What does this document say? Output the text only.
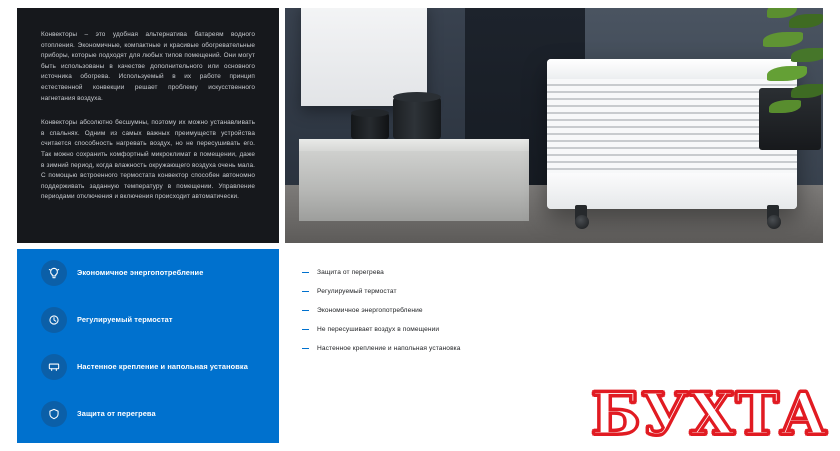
Конвекторы – это удобная альтернатива батареям водного отопления. Экономичные, компактные и красивые обогревательные приборы, которые подходят для любых типов помещений. Они могут быть использованы в качестве дополнительного или основного источника обогрева. Используемый в их работе принцип естественной конвекции решает проблему искусственного нагнетания воздуха.

Конвекторы абсолютно бесшумны, поэтому их можно устанавливать в спальнях. Одним из самых важных преимуществ устройства считается способность нагревать воздух, но не пересушивать его. Так можно сохранить комфортный микроклимат в помещении, даже в зимний период, когда влажность окружающего воздуха очень мала. С помощью встроенного термостата конвектор способен автономно поддерживать заданную температуру в помещении. Управление периодами отключения и включения происходит автоматически.

Экономичное энергопотребление
Регулируемый термостат
Настенное крепление и напольная установка
Защита от перегрева
Защита от перегрева
Регулируемый термостат
Экономичное энергопотребление
Не пересушивает воздух в помещении
Настенное крепление и напольная установка
БУХТА
